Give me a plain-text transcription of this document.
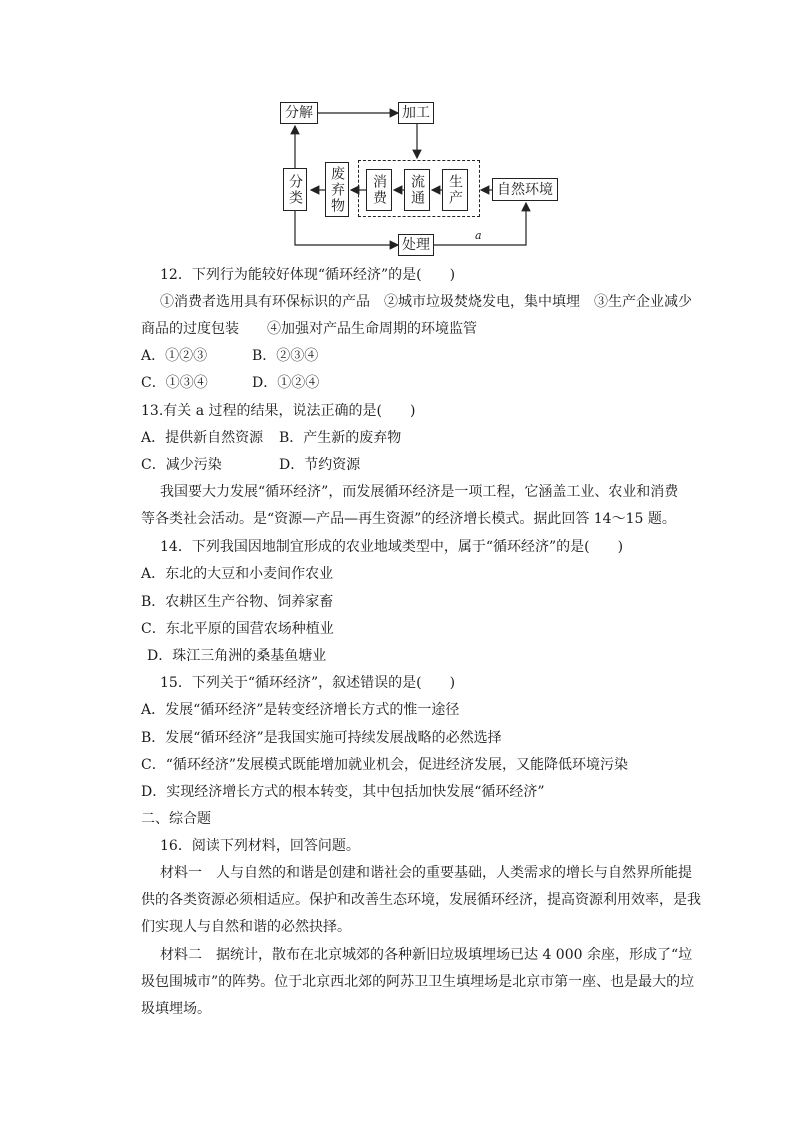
分解	加工
分类 废弃物 消费 流通 生产 自然环境
处理
a
12．下列行为能较好体现“循环经济”的是(　　)
①消费者选用具有环保标识的产品　②城市垃圾焚烧发电，集中填埋　③生产企业减少
商品的过度包装　　④加强对产品生命周期的环境监管
A．①②③	B．②③④
C．①③④	D．①②④
13.有关 a 过程的结果，说法正确的是(　　)
A．提供新自然资源 B．产生新的废弃物
C．减少污染	D．节约资源
我国要大力发展“循环经济”，而发展循环经济是一项工程，它涵盖工业、农业和消费
等各类社会活动。是“资源—产品—再生资源”的经济增长模式。据此回答 14～15 题。
14．下列我国因地制宜形成的农业地域类型中，属于“循环经济”的是(　　)
A．东北的大豆和小麦间作农业
B．农耕区生产谷物、饲养家畜
C．东北平原的国营农场种植业
D．珠江三角洲的桑基鱼塘业
15．下列关于“循环经济”，叙述错误的是(　　)
A．发展“循环经济”是转变经济增长方式的惟一途径
B．发展“循环经济”是我国实施可持续发展战略的必然选择
C．“循环经济”发展模式既能增加就业机会，促进经济发展，又能降低环境污染
D．实现经济增长方式的根本转变，其中包括加快发展“循环经济”
二、综合题
16．阅读下列材料，回答问题。
材料一　人与自然的和谐是创建和谐社会的重要基础，人类需求的增长与自然界所能提
供的各类资源必须相适应。保护和改善生态环境，发展循环经济，提高资源利用效率，是我
们实现人与自然和谐的必然抉择。
材料二　据统计，散布在北京城郊的各种新旧垃圾填埋场已达 4 000 余座，形成了“垃
圾包围城市”的阵势。位于北京西北郊的阿苏卫卫生填埋场是北京市第一座、也是最大的垃
圾填埋场。
